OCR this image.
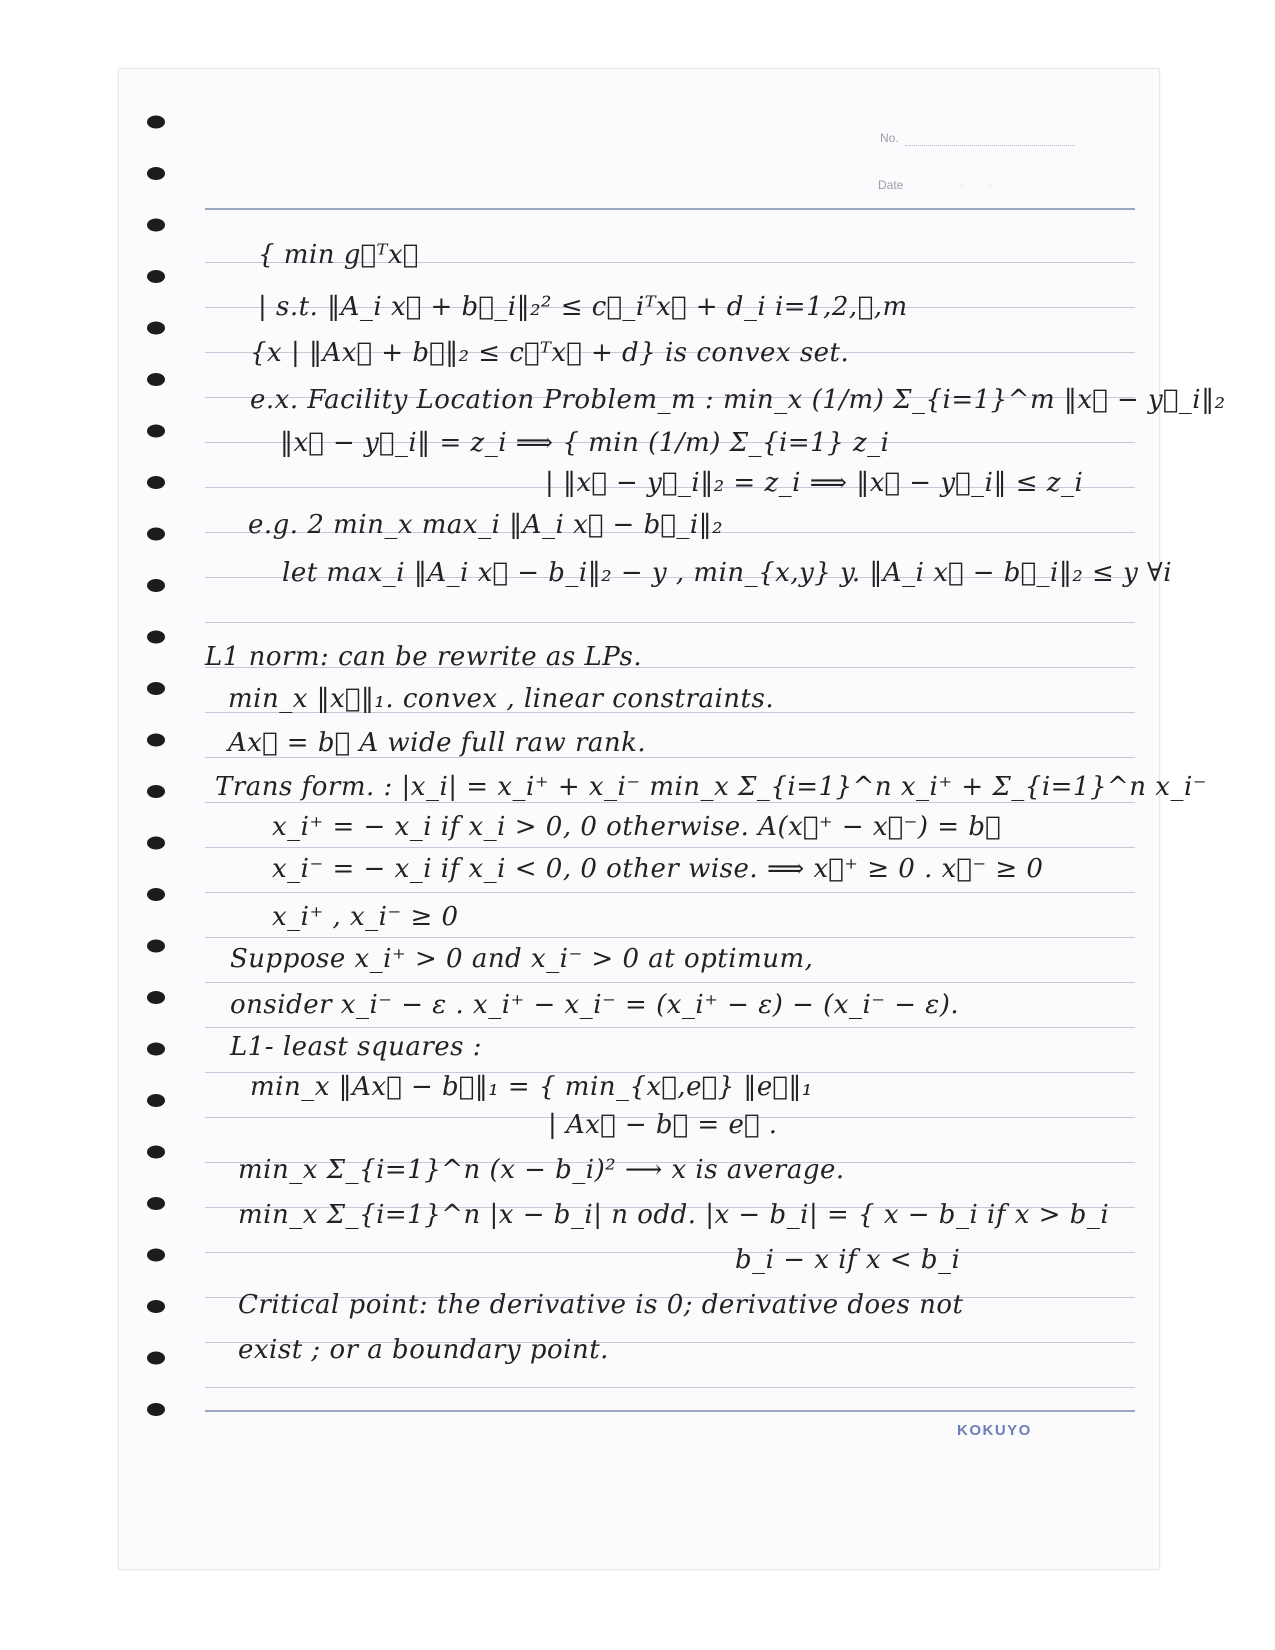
No.
Date	·         ·
{ min g⃗ᵀx⃗
| s.t. ‖A_i x⃗ + b⃗_i‖₂² ≤ c⃗_iᵀx⃗ + d_i i=1,2,⋯,m
{x | ‖Ax⃗ + b⃗‖₂ ≤ c⃗ᵀx⃗ + d} is convex set.
e.x. Facility Location Problem_m : min_x (1/m) Σ_{i=1}^m ‖x⃗ − y⃗_i‖₂
‖x⃗ − y⃗_i‖ = z_i ⟹ { min (1/m) Σ_{i=1} z_i
| ‖x⃗ − y⃗_i‖₂ = z_i ⟹ ‖x⃗ − y⃗_i‖ ≤ z_i
e.g. 2 min_x max_i ‖A_i x⃗ − b⃗_i‖₂
let max_i ‖A_i x⃗ − b_i‖₂ − y , min_{x,y} y. ‖A_i x⃗ − b⃗_i‖₂ ≤ y ∀i
L1 norm: can be rewrite as LPs.
min_x ‖x⃗‖₁. convex , linear constraints.
Ax⃗ = b⃗ A wide full raw rank.
Trans form. : |x_i| = x_i⁺ + x_i⁻ min_x Σ_{i=1}^n x_i⁺ + Σ_{i=1}^n x_i⁻
x_i⁺ = − x_i if x_i > 0, 0 otherwise. A(x⃗⁺ − x⃗⁻) = b⃗
x_i⁻ = − x_i if x_i < 0, 0 other wise. ⟹ x⃗⁺ ≥ 0 . x⃗⁻ ≥ 0
x_i⁺ , x_i⁻ ≥ 0
Suppose x_i⁺ > 0 and x_i⁻ > 0 at optimum,
onsider x_i⁻ − ε . x_i⁺ − x_i⁻ = (x_i⁺ − ε) − (x_i⁻ − ε).
L1- least squares :
min_x ‖Ax⃗ − b⃗‖₁ = { min_{x⃗,e⃗} ‖e⃗‖₁
| Ax⃗ − b⃗ = e⃗ .
min_x Σ_{i=1}^n (x − b_i)² ⟶ x is average.
min_x Σ_{i=1}^n |x − b_i| n odd. |x − b_i| = { x − b_i if x > b_i
b_i − x if x < b_i
Critical point: the derivative is 0; derivative does not
exist ; or a boundary point.
KOKUYO
